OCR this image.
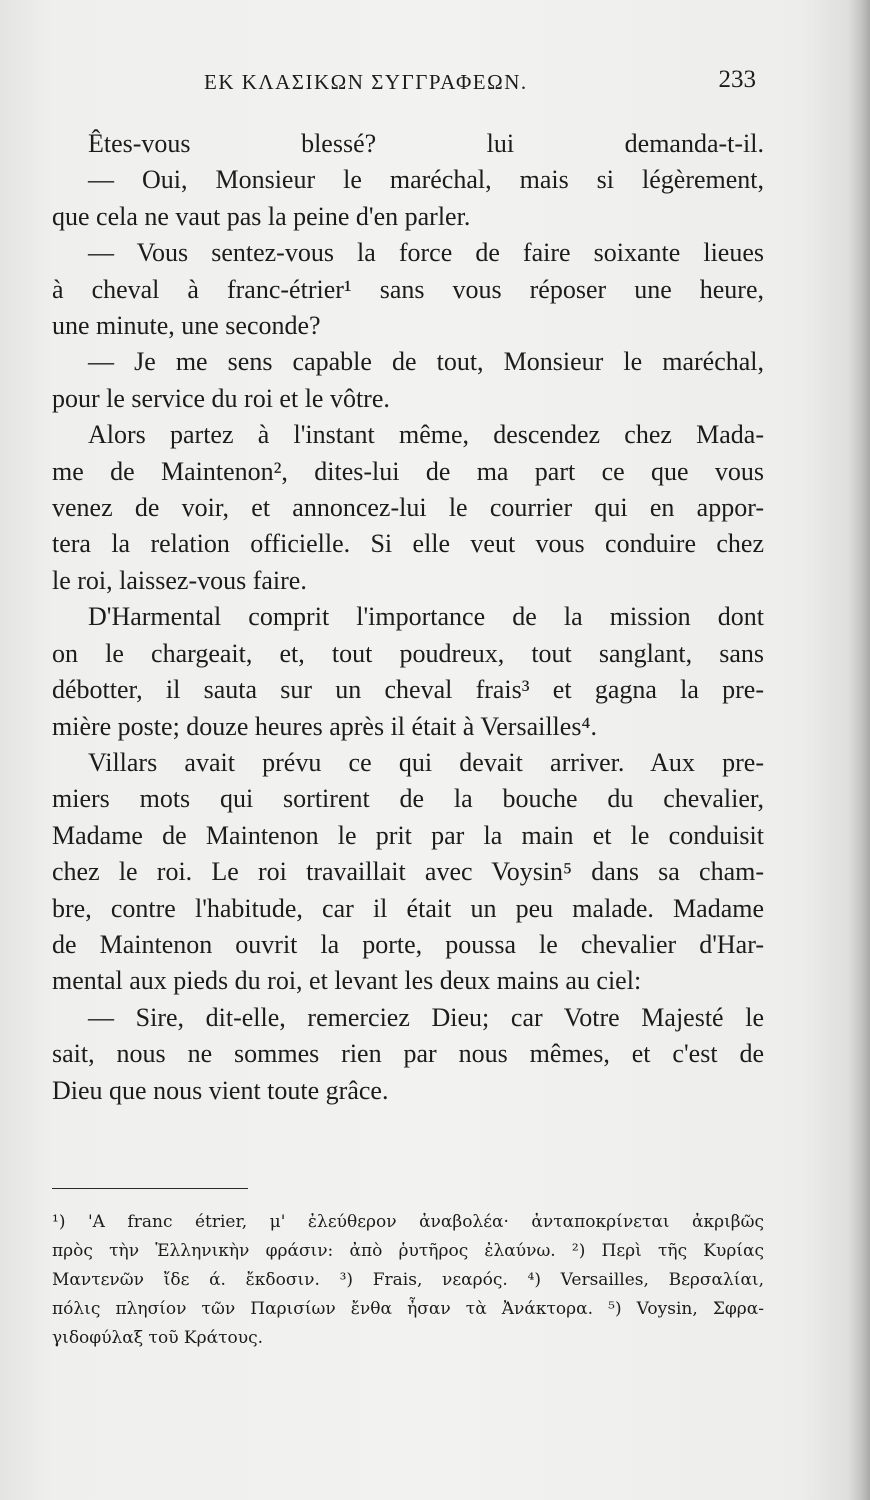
ΕΚ ΚΛΑΣΙΚΩΝ ΣΥΓΓΡΑΦΕΩΝ.	233
Êtes-vous blessé? lui demanda-t-il.
— Oui, Monsieur le maréchal, mais si légèrement,
que cela ne vaut pas la peine d'en parler.
— Vous sentez-vous la force de faire soixante lieues
à cheval à franc-étrier¹ sans vous réposer une heure,
une minute, une seconde?
— Je me sens capable de tout, Monsieur le maréchal,
pour le service du roi et le vôtre.
Alors partez à l'instant même, descendez chez Mada-
me de Maintenon², dites-lui de ma part ce que vous
venez de voir, et annoncez-lui le courrier qui en appor-
tera la relation officielle. Si elle veut vous conduire chez
le roi, laissez-vous faire.
D'Harmental comprit l'importance de la mission dont
on le chargeait, et, tout poudreux, tout sanglant, sans
débotter, il sauta sur un cheval frais³ et gagna la pre-
mière poste; douze heures après il était à Versailles⁴.
Villars avait prévu ce qui devait arriver. Aux pre-
miers mots qui sortirent de la bouche du chevalier,
Madame de Maintenon le prit par la main et le conduisit
chez le roi. Le roi travaillait avec Voysin⁵ dans sa cham-
bre, contre l'habitude, car il était un peu malade. Madame
de Maintenon ouvrit la porte, poussa le chevalier d'Har-
mental aux pieds du roi, et levant les deux mains au ciel:
— Sire, dit-elle, remerciez Dieu; car Votre Majesté le
sait, nous ne sommes rien par nous mêmes, et c'est de
Dieu que nous vient toute grâce.
¹) 'A franc étrier, μ' ἐλεύθερον ἀναβολέα· ἀνταποκρίνεται ἀκριβῶς
πρὸς τὴν Ἑλληνικὴν φράσιν: ἀπὸ ῥυτῆρος ἐλαύνω. ²) Περὶ τῆς Κυρίας
Μαντενῶν ἴδε ά. ἔκδοσιν. ³) Frais, νεαρός. ⁴) Versailles, Βερσαλίαι,
πόλις πλησίον τῶν Παρισίων ἔνθα ἦσαν τὰ Ἀνάκτορα. ⁵) Voysin, Σφρα-
γιδοφύλαξ τοῦ Κράτους.
